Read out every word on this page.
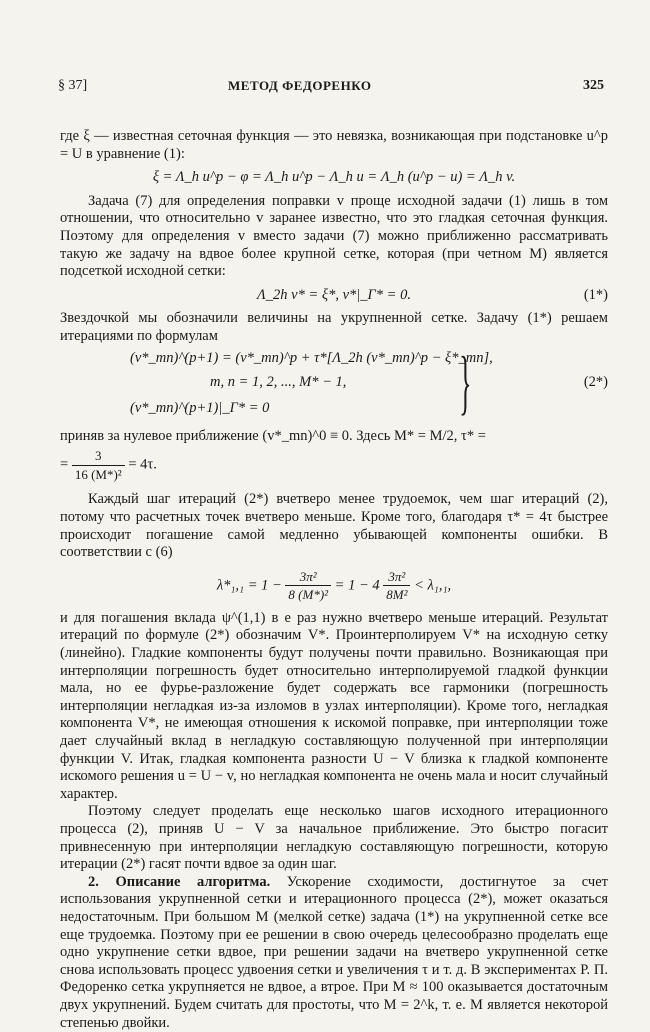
§ 37]	МЕТОД ФЕДОРЕНКО	325

где ξ — известная сеточная функция — это невязка, возникающая при подстановке u^p = U в уравнение (1):

ξ = Λ_h u^p − φ = Λ_h u^p − Λ_h u = Λ_h (u^p − u) = Λ_h v.

Задача (7) для определения поправки v проще исходной задачи (1) лишь в том отношении, что относительно v заранее известно, что это гладкая сеточная функция. Поэтому для определения v вместо задачи (7) можно приближенно рассматривать такую же задачу на вдвое более крупной сетке, которая (при четном M) является подсеткой исходной сетки:

Λ_2h v* = ξ*, v*|_Γ* = 0.	(1*)

Звездочкой мы обозначили величины на укрупненной сетке. Задачу (1*) решаем итерациями по формулам

(v*_mn)^(p+1) = (v*_mn)^p + τ*[Λ_2h (v*_mn)^p − ξ*_mn],
m, n = 1, 2, ..., M* − 1,
(v*_mn)^(p+1)|_Γ* = 0	}	(2*)

приняв за нулевое приближение (v*_mn)^0 ≡ 0. Здесь M* = M/2, τ* =

= $\frac{3}{\text{16 (M*)²}} = 4\tau$.

Каждый шаг итераций (2*) вчетверо менее трудоемок, чем шаг итераций (2), потому что расчетных точек вчетверо меньше. Кроме того, благодаря τ* = 4τ быстрее происходит погашение самой медленно убывающей компоненты ошибки. В соответствии с (6)

$\lambda*_1,_1 = 1 - \frac{\text{3π²}}{\text{8 (M*)²}} = 1 - 4 \frac{\text{3π²}}{\text{8M²}} < \lambda_1,_1$,

и для погашения вклада ψ^(1,1) в e раз нужно вчетверо меньше итераций. Результат итераций по формуле (2*) обозначим V*. Проинтерполируем V* на исходную сетку (линейно). Гладкие компоненты будут получены почти правильно. Возникающая при интерполяции погрешность будет относительно интерполируемой гладкой функции мала, но ее фурье-разложение будет содержать все гармоники (погрешность интерполяции негладкая из-за изломов в узлах интерполяции). Кроме того, негладкая компонента V*, не имеющая отношения к искомой поправке, при интерполяции тоже дает случайный вклад в негладкую составляющую полученной при интерполяции функции V. Итак, гладкая компонента разности U − V близка к гладкой компоненте искомого решения u = U − v, но негладкая компонента не очень мала и носит случайный характер.

Поэтому следует проделать еще несколько шагов исходного итерационного процесса (2), приняв U − V за начальное приближение. Это быстро погасит привнесенную при интерполяции негладкую составляющую погрешности, которую итерации (2*) гасят почти вдвое за один шаг.

2. Описание алгоритма. Ускорение сходимости, достигнутое за счет использования укрупненной сетки и итерационного процесса (2*), может оказаться недостаточным. При большом M (мелкой сетке) задача (1*) на укрупненной сетке все еще трудоемка. Поэтому при ее решении в свою очередь целесообразно проделать еще одно укрупнение сетки вдвое, при решении задачи на вчетверо укрупненной сетке снова использовать процесс удвоения сетки и увеличения τ и т. д. В экспериментах Р. П. Федоренко сетка укрупняется не вдвое, а втрое. При M ≈ 100 оказывается достаточным двух укрупнений. Будем считать для простоты, что M = 2^k, т. е. M является некоторой степенью двойки.
